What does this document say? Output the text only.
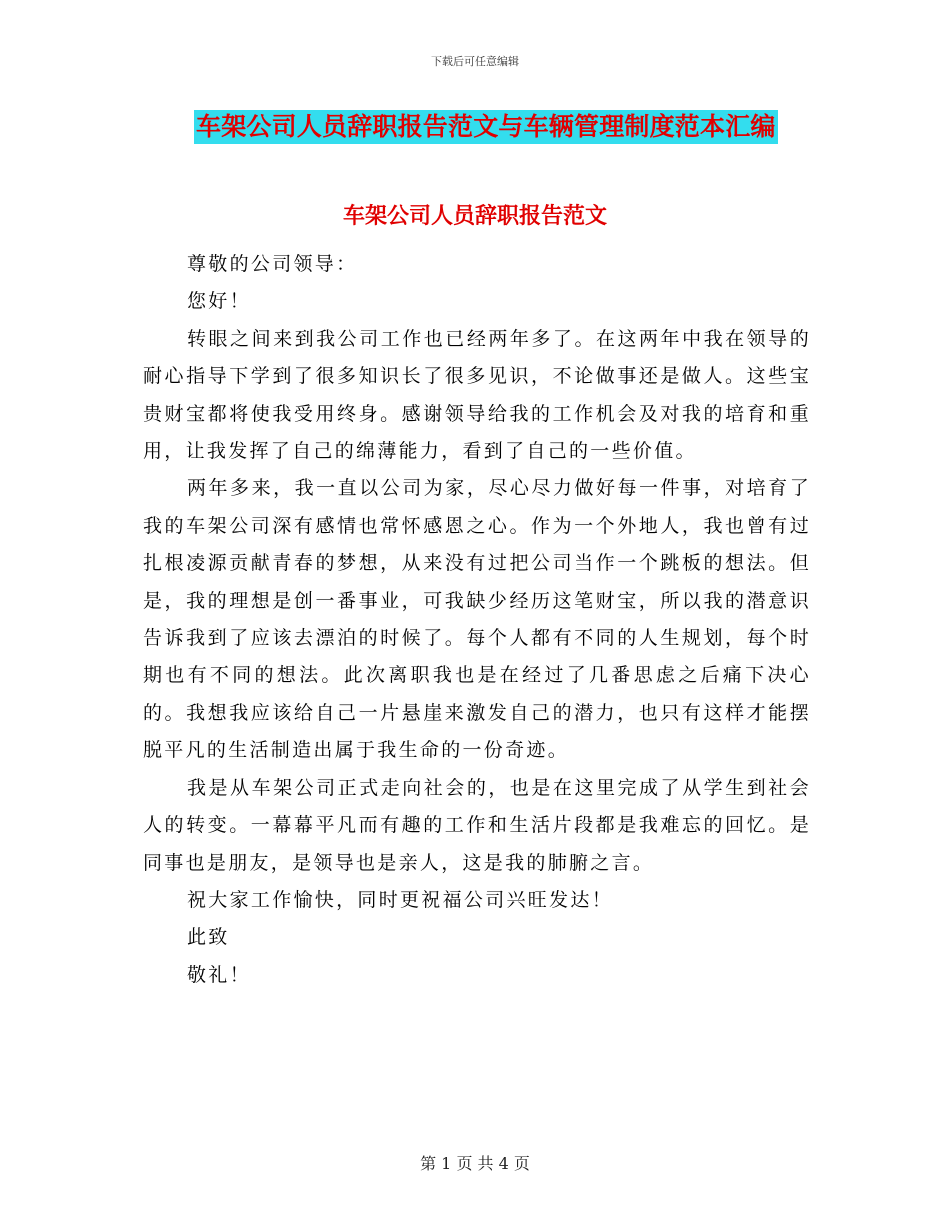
下载后可任意编辑
车架公司人员辞职报告范文与车辆管理制度范本汇编
车架公司人员辞职报告范文

尊敬的公司领导：

您好！

转眼之间来到我公司工作也已经两年多了。在这两年中我在领导的耐心指导下学到了很多知识长了很多见识，不论做事还是做人。这些宝贵财宝都将使我受用终身。感谢领导给我的工作机会及对我的培育和重用，让我发挥了自己的绵薄能力，看到了自己的一些价值。

两年多来，我一直以公司为家，尽心尽力做好每一件事，对培育了我的车架公司深有感情也常怀感恩之心。作为一个外地人，我也曾有过扎根凌源贡献青春的梦想，从来没有过把公司当作一个跳板的想法。但是，我的理想是创一番事业，可我缺少经历这笔财宝，所以我的潜意识告诉我到了应该去漂泊的时候了。每个人都有不同的人生规划，每个时期也有不同的想法。此次离职我也是在经过了几番思虑之后痛下决心的。我想我应该给自己一片悬崖来激发自己的潜力，也只有这样才能摆脱平凡的生活制造出属于我生命的一份奇迹。

我是从车架公司正式走向社会的，也是在这里完成了从学生到社会人的转变。一幕幕平凡而有趣的工作和生活片段都是我难忘的回忆。是同事也是朋友，是领导也是亲人，这是我的肺腑之言。

祝大家工作愉快，同时更祝福公司兴旺发达！

此致

敬礼！

第 1 页 共 4 页
